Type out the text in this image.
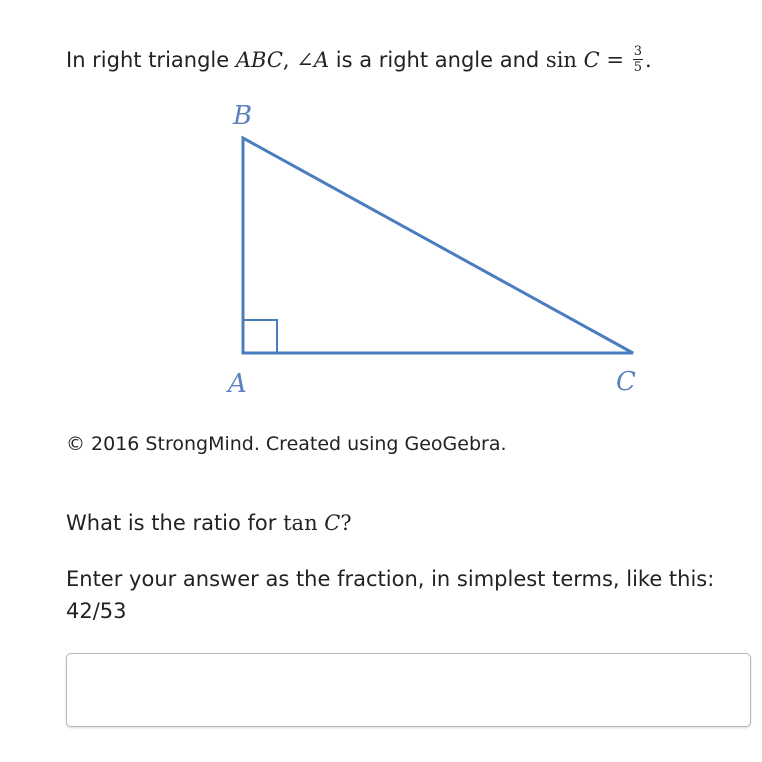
In right triangle ABC, ∠A is a right angle and $\sin C = \frac{3}{5}$ .
B
A	C
© 2016 StrongMind. Created using GeoGebra.
What is the ratio for tan C?
Enter your answer as the fraction, in simplest terms, like this:
42/53
